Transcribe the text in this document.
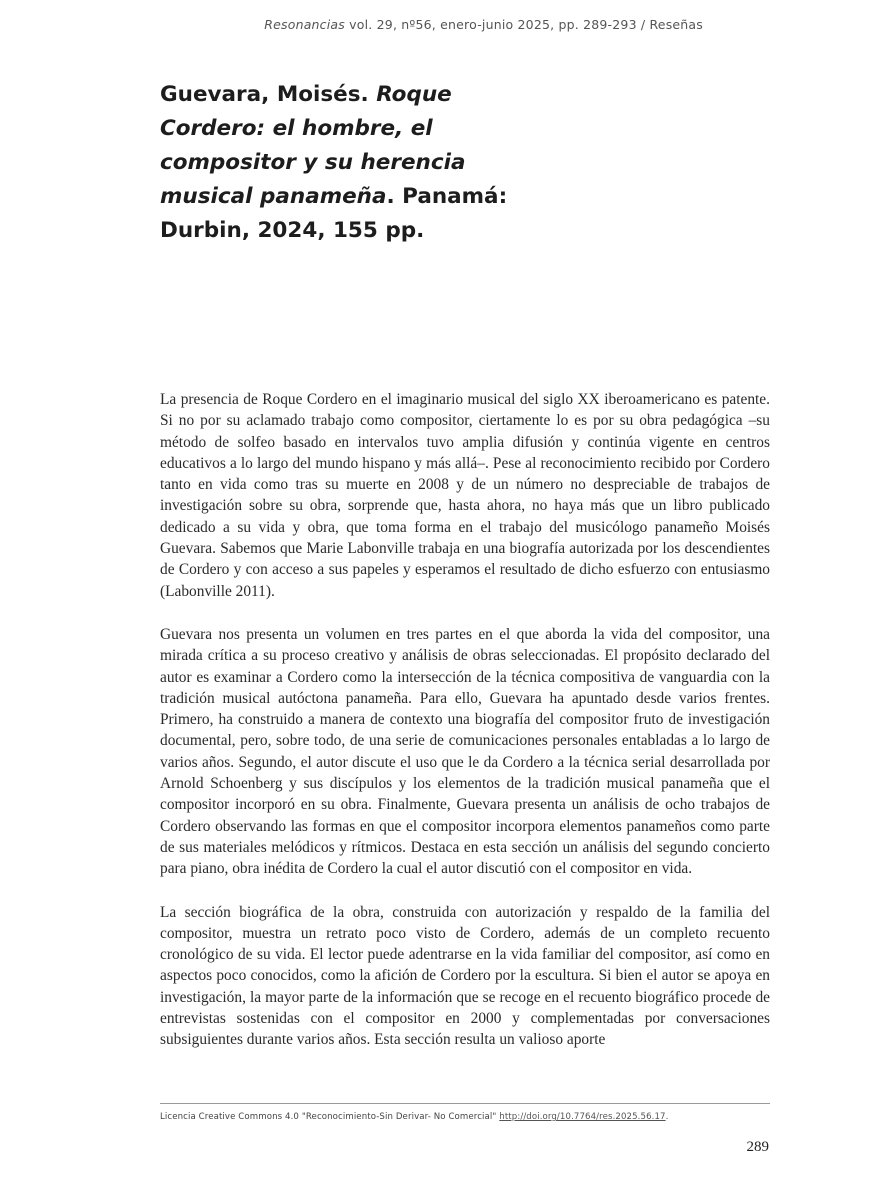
Resonancias vol. 29, nº56, enero-junio 2025, pp. 289-293 / Reseñas
Guevara, Moisés. Roque Cordero: el hombre, el compositor y su herencia musical panameña. Panamá: Durbin, 2024, 155 pp.

La presencia de Roque Cordero en el imaginario musical del siglo XX iberoamericano es patente. Si no por su aclamado trabajo como compositor, ciertamente lo es por su obra pedagógica –su método de solfeo basado en intervalos tuvo amplia difusión y continúa vigente en centros educativos a lo largo del mundo hispano y más allá–. Pese al reconocimiento recibido por Cordero tanto en vida como tras su muerte en 2008 y de un número no despreciable de trabajos de investigación sobre su obra, sorprende que, hasta ahora, no haya más que un libro publicado dedicado a su vida y obra, que toma forma en el trabajo del musicólogo panameño Moisés Guevara. Sabemos que Marie Labonville trabaja en una biografía autorizada por los descendientes de Cordero y con acceso a sus papeles y esperamos el resultado de dicho esfuerzo con entusiasmo (Labonville 2011).

Guevara nos presenta un volumen en tres partes en el que aborda la vida del compositor, una mirada crítica a su proceso creativo y análisis de obras seleccionadas. El propósito declarado del autor es examinar a Cordero como la intersección de la técnica compositiva de vanguardia con la tradición musical autóctona panameña. Para ello, Guevara ha apuntado desde varios frentes. Primero, ha construido a manera de contexto una biografía del compositor fruto de investigación documental, pero, sobre todo, de una serie de comunicaciones personales entabladas a lo largo de varios años. Segundo, el autor discute el uso que le da Cordero a la técnica serial desarrollada por Arnold Schoenberg y sus discípulos y los elementos de la tradición musical panameña que el compositor incorporó en su obra. Finalmente, Guevara presenta un análisis de ocho trabajos de Cordero observando las formas en que el compositor incorpora elementos panameños como parte de sus materiales melódicos y rítmicos. Destaca en esta sección un análisis del segundo concierto para piano, obra inédita de Cordero la cual el autor discutió con el compositor en vida.

La sección biográfica de la obra, construida con autorización y respaldo de la familia del compositor, muestra un retrato poco visto de Cordero, además de un completo recuento cronológico de su vida. El lector puede adentrarse en la vida familiar del compositor, así como en aspectos poco conocidos, como la afición de Cordero por la escultura. Si bien el autor se apoya en investigación, la mayor parte de la información que se recoge en el recuento biográfico procede de entrevistas sostenidas con el compositor en 2000 y complementadas por conversaciones subsiguientes durante varios años. Esta sección resulta un valioso aporte

Licencia Creative Commons 4.0 "Reconocimiento-Sin Derivar- No Comercial" http://doi.org/10.7764/res.2025.56.17.
289
